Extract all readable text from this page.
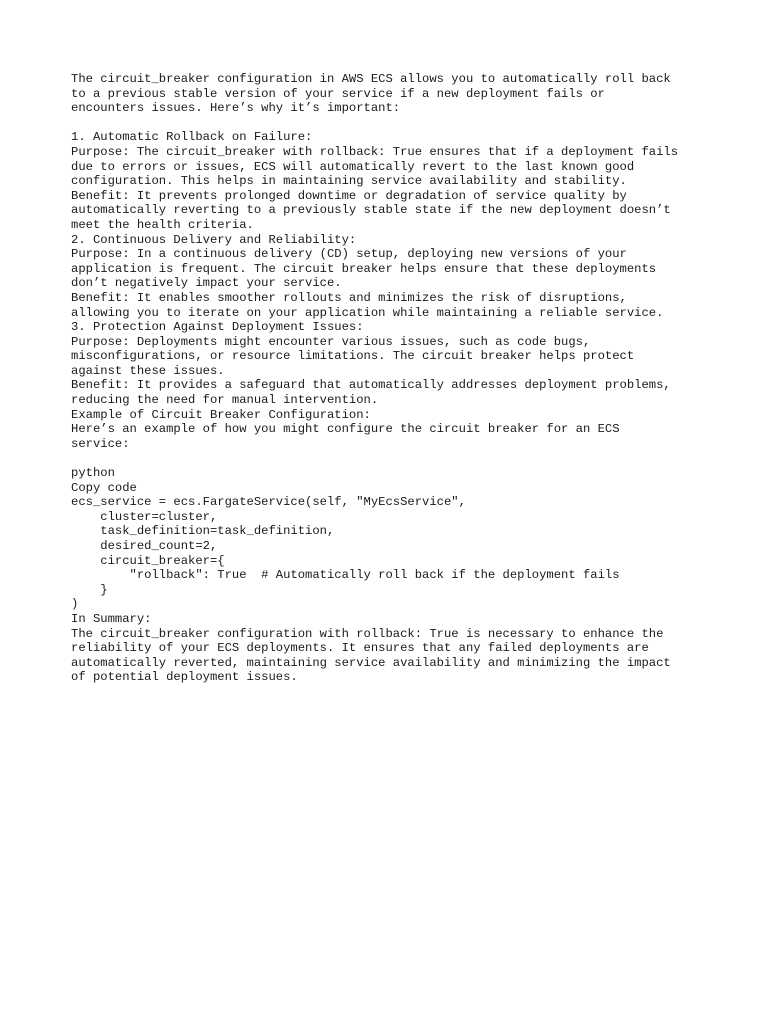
The circuit_breaker configuration in AWS ECS allows you to automatically roll back
to a previous stable version of your service if a new deployment fails or
encounters issues. Here’s why it’s important:
1. Automatic Rollback on Failure:
Purpose: The circuit_breaker with rollback: True ensures that if a deployment fails
due to errors or issues, ECS will automatically revert to the last known good
configuration. This helps in maintaining service availability and stability.
Benefit: It prevents prolonged downtime or degradation of service quality by
automatically reverting to a previously stable state if the new deployment doesn’t
meet the health criteria.
2. Continuous Delivery and Reliability:
Purpose: In a continuous delivery (CD) setup, deploying new versions of your
application is frequent. The circuit breaker helps ensure that these deployments
don’t negatively impact your service.
Benefit: It enables smoother rollouts and minimizes the risk of disruptions,
allowing you to iterate on your application while maintaining a reliable service.
3. Protection Against Deployment Issues:
Purpose: Deployments might encounter various issues, such as code bugs,
misconfigurations, or resource limitations. The circuit breaker helps protect
against these issues.
Benefit: It provides a safeguard that automatically addresses deployment problems,
reducing the need for manual intervention.
Example of Circuit Breaker Configuration:
Here’s an example of how you might configure the circuit breaker for an ECS
service:
python
Copy code
ecs_service = ecs.FargateService(self, "MyEcsService",
cluster=cluster,
task_definition=task_definition,
desired_count=2,
circuit_breaker={
"rollback": True  # Automatically roll back if the deployment fails
}
)
In Summary:
The circuit_breaker configuration with rollback: True is necessary to enhance the
reliability of your ECS deployments. It ensures that any failed deployments are
automatically reverted, maintaining service availability and minimizing the impact
of potential deployment issues.
